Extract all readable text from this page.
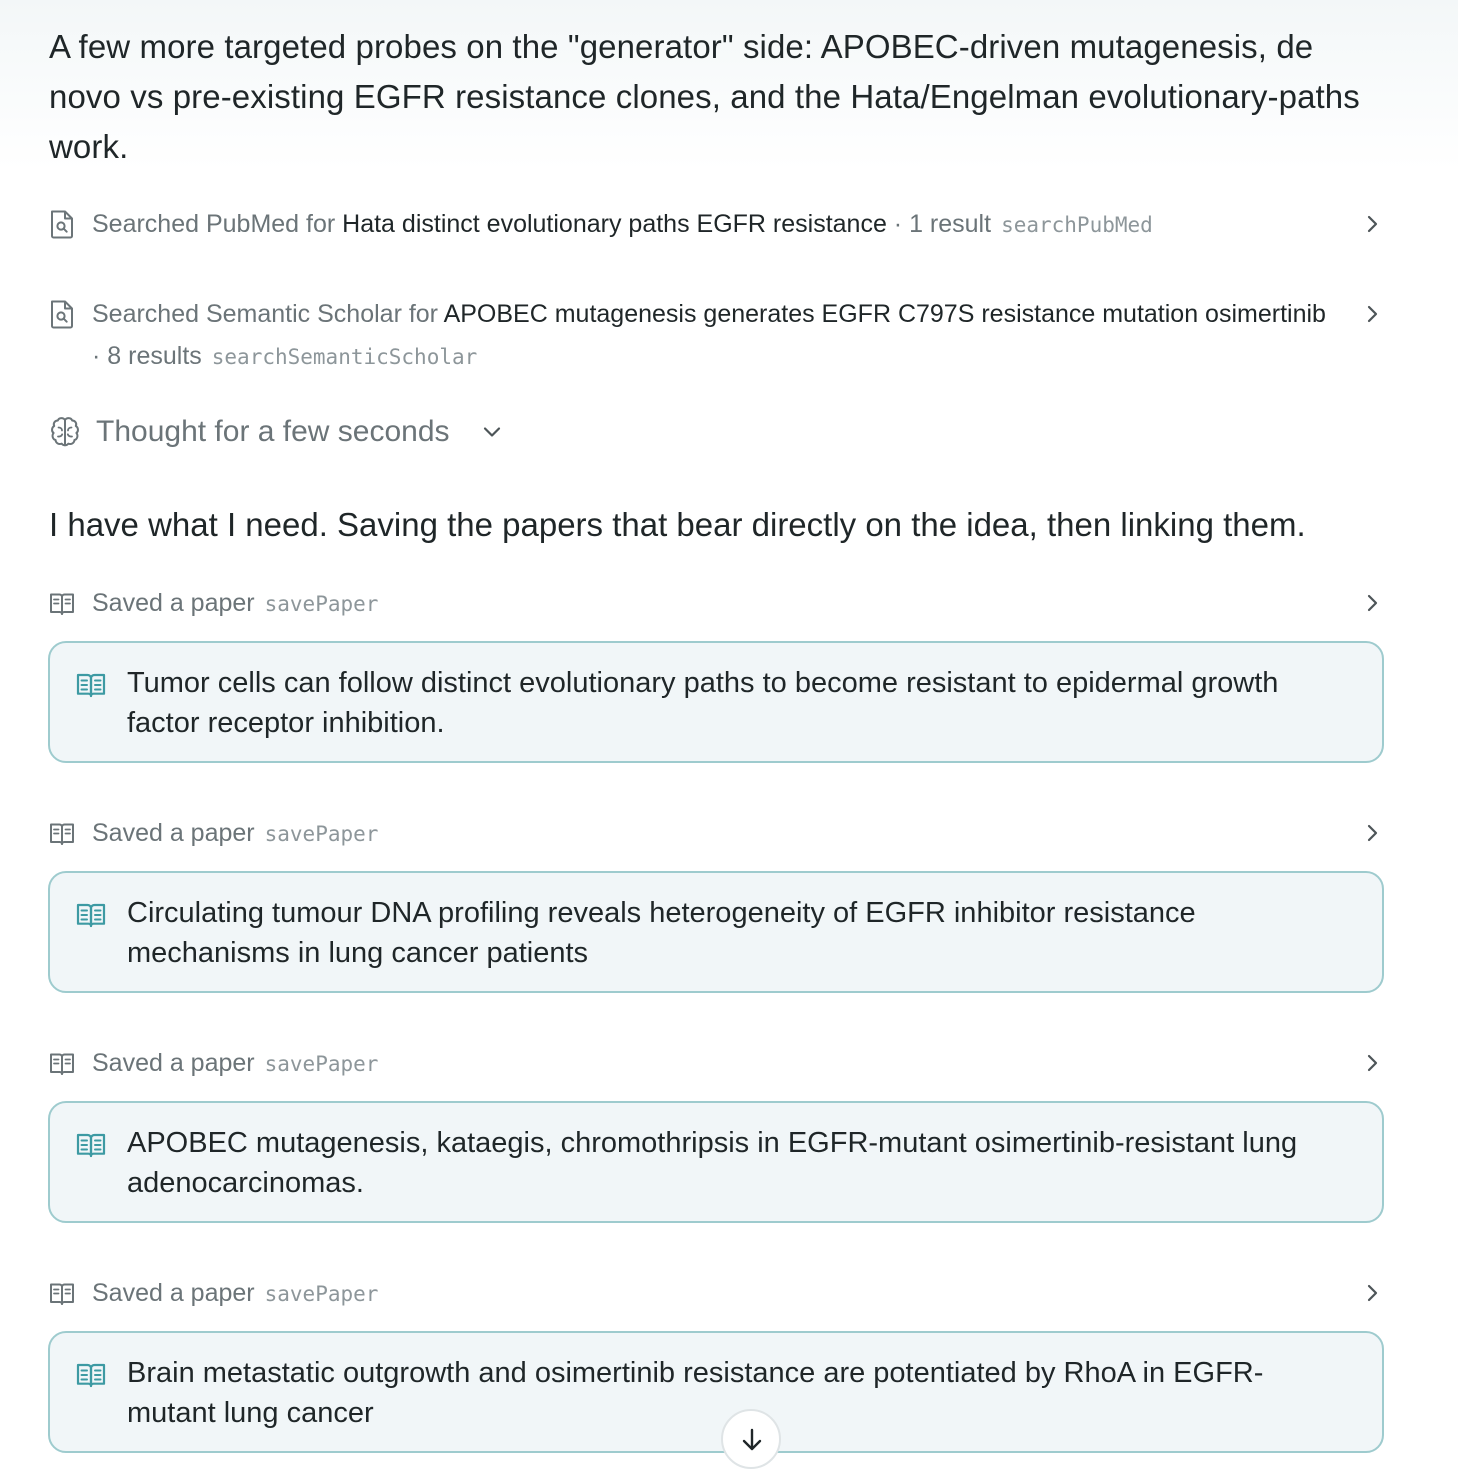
A few more targeted probes on the "generator" side: APOBEC-driven mutagenesis, de novo vs pre-existing EGFR resistance clones, and the Hata/Engelman evolutionary-paths work.

Searched PubMed for Hata distinct evolutionary paths EGFR resistance · 1 result searchPubMed
Searched Semantic Scholar for APOBEC mutagenesis generates EGFR C797S resistance mutation osimertinib · 8 results searchSemanticScholar
Thought for a few seconds

I have what I need. Saving the papers that bear directly on the idea, then linking them.

Saved a paper savePaper
Tumor cells can follow distinct evolutionary paths to become resistant to epidermal growth factor receptor inhibition.
Saved a paper savePaper
Circulating tumour DNA profiling reveals heterogeneity of EGFR inhibitor resistance mechanisms in lung cancer patients
Saved a paper savePaper
APOBEC mutagenesis, kataegis, chromothripsis in EGFR-mutant osimertinib-resistant lung adenocarcinomas.
Saved a paper savePaper
Brain metastatic outgrowth and osimertinib resistance are potentiated by RhoA in EGFR-mutant lung cancer
